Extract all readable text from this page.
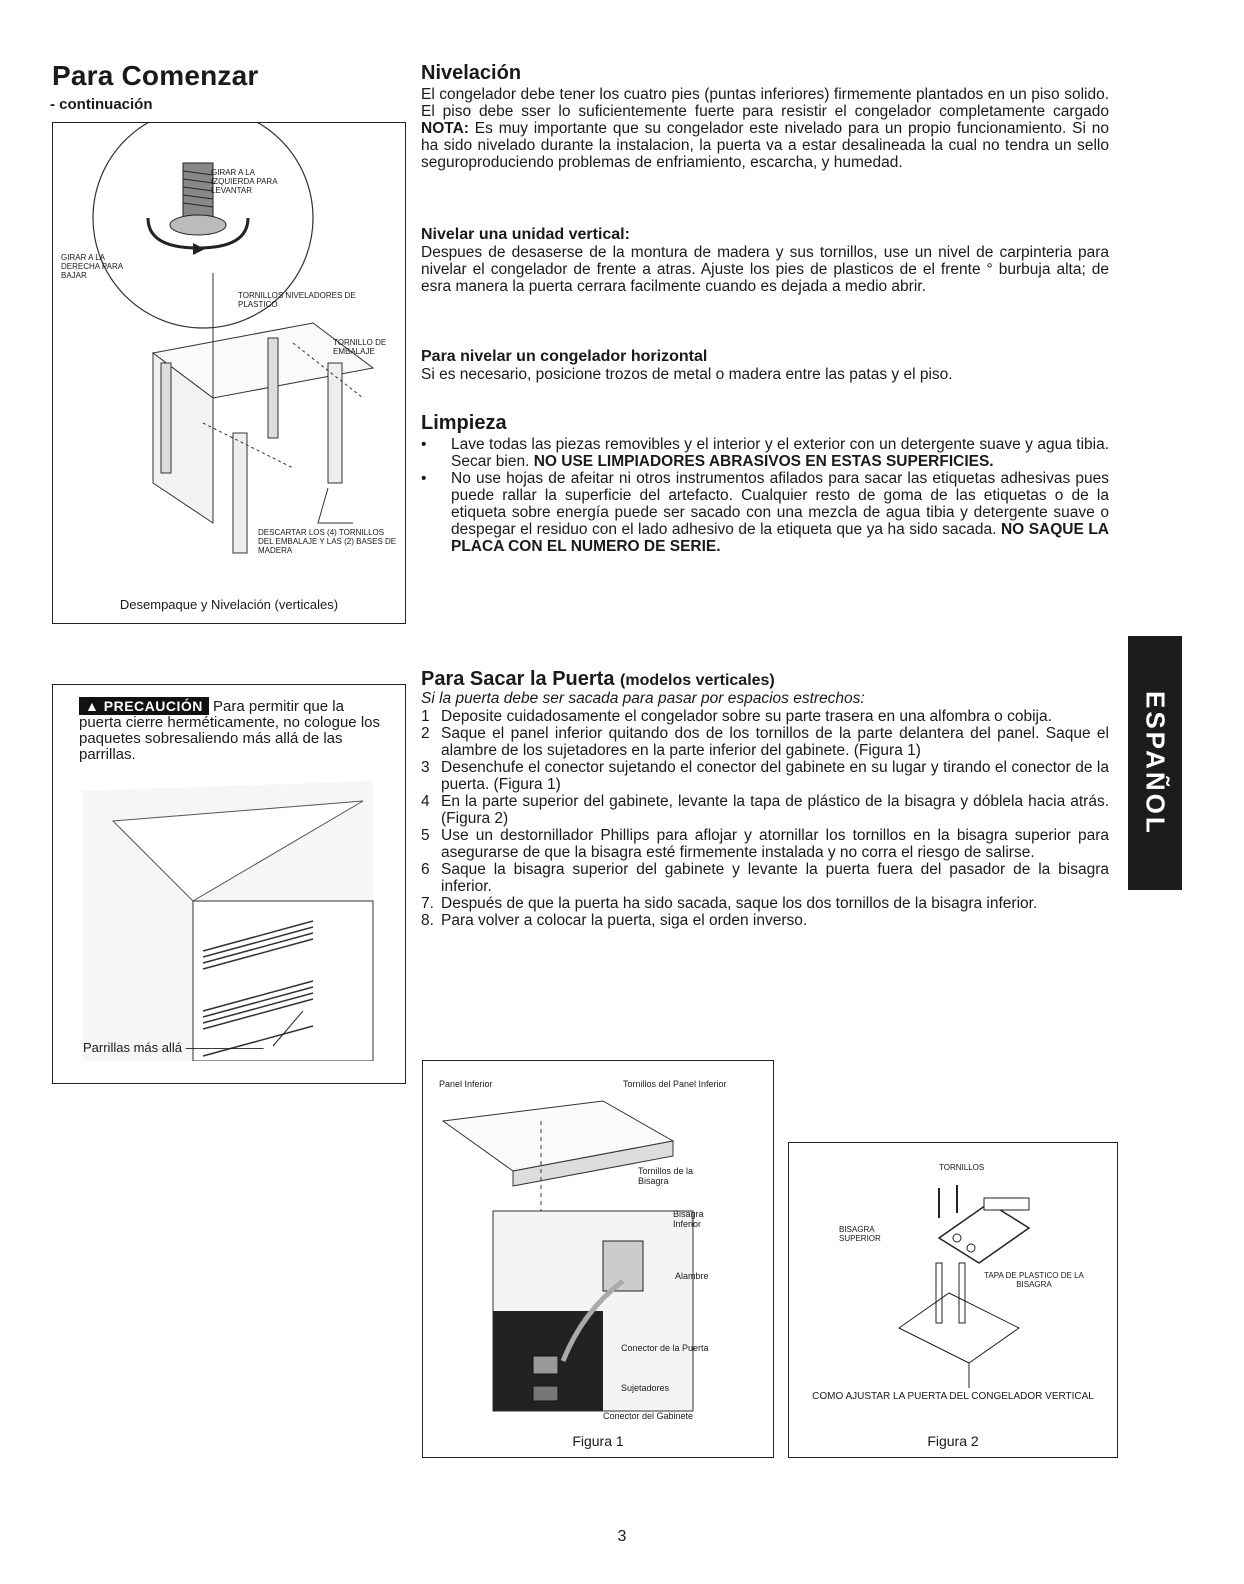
Para Comenzar
- continuación
GIRAR A LA IZQUIERDA PARA LEVANTAR
GIRAR A LA DERECHA PARA BAJAR
TORNILLOS NIVELADORES DE PLASTICO
TORNILLO DE EMBALAJE
DESCARTAR LOS (4) TORNILLOS DEL EMBALAJE Y LAS (2) BASES DE MADERA
Desempaque y Nivelación (verticales)
▲ PRECAUCIÓN Para permitir que la puerta cierre herméticamente, no cologue los paquetes sobresaliendo más allá de las parrillas.
Parrillas más allá ——————
Nivelación
El congelador debe tener los cuatro pies (puntas inferiores) firmemente plantados en un piso solido. El piso debe sser lo suficientemente fuerte para resistir el congelador completamente cargado NOTA: Es muy importante que su congelador este nivelado para un propio funcionamiento. Si no ha sido nivelado durante la instalacion, la puerta va a estar desalineada la cual no tendra un sello seguroproduciendo problemas de enfriamiento, escarcha, y humedad.
Nivelar una unidad vertical:
Despues de desaserse de la montura de madera y sus tornillos, use un nivel de carpinteria para nivelar el congelador de frente a atras. Ajuste los pies de plasticos de el frente ° burbuja alta; de esra manera la puerta cerrara facilmente cuando es dejada a medio abrir.
Para nivelar un congelador horizontal
Si es necesario, posicione trozos de metal o madera entre las patas y el piso.
Limpieza
•	Lave todas las piezas removibles y el interior y el exterior con un detergente suave y agua tibia. Secar bien. NO USE LIMPIADORES ABRASIVOS EN ESTAS SUPERFICIES.
•	No use hojas de afeitar ni otros instrumentos afilados para sacar las etiquetas adhesivas pues puede rallar la superficie del artefacto. Cualquier resto de goma de las etiquetas o de la etiqueta sobre energía puede ser sacado con una mezcla de agua tibia y detergente suave o despegar el residuo con el lado adhesivo de la etiqueta que ya ha sido sacada. NO SAQUE LA PLACA CON EL NUMERO DE SERIE.
Para Sacar la Puerta (modelos verticales)
Si la puerta debe ser sacada para pasar por espacios estrechos:
1 Deposite cuidadosamente el congelador sobre su parte trasera en una alfombra o cobija.
2 Saque el panel inferior quitando dos de los tornillos de la parte delantera del panel. Saque el alambre de los sujetadores en la parte inferior del gabinete. (Figura 1)
3 Desenchufe el conector sujetando el conector del gabinete en su lugar y tirando el conector de la puerta. (Figura 1)
4 En la parte superior del gabinete, levante la tapa de plástico de la bisagra y dóblela hacia atrás. (Figura 2)
5 Use un destornillador Phillips para aflojar y atornillar los tornillos en la bisagra superior para asegurarse de que la bisagra esté firmemente instalada y no corra el riesgo de salirse.
6 Saque la bisagra superior del gabinete y levante la puerta fuera del pasador de la bisagra inferior.
7. Después de que la puerta ha sido sacada, saque los dos tornillos de la bisagra inferior.
8. Para volver a colocar la puerta, siga el orden inverso.
Panel Inferior	Tornillos del Panel Inferior
Tornillos de la Bisagra
Bisagra Inferior
Alambre
Conector de la Puerta
Sujetadores
Conector del Gabinete
Figura 1
TORNILLOS
BISAGRA SUPERIOR
TAPA DE PLASTICO DE LA BISAGRA
COMO AJUSTAR LA PUERTA DEL CONGELADOR VERTICAL
Figura 2
ESPAÑOL
3
